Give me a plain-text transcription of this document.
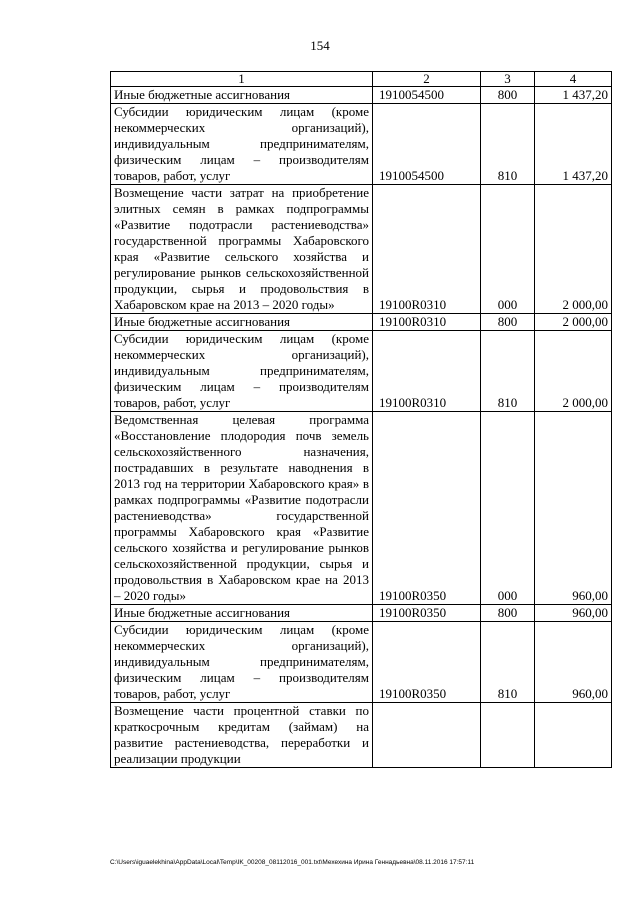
154
1	2	3	4
Иные бюджетные ассигнования	1910054500	800	1 437,20
Субсидии юридическим лицам (кроме некоммерческих организаций), индивидуальным предпринимателям, физическим лицам – производителям товаров, работ, услуг	1910054500	810	1 437,20
Возмещение части затрат на приобретение элитных семян в рамках подпрограммы «Развитие подотрасли растениеводства» государственной программы Хабаровского края «Развитие сельского хозяйства и регулирование рынков сельскохозяйственной продукции, сырья и продовольствия в Хабаровском крае на 2013 – 2020 годы»	19100R0310	000	2 000,00
Иные бюджетные ассигнования	19100R0310	800	2 000,00
Субсидии юридическим лицам (кроме некоммерческих организаций), индивидуальным предпринимателям, физическим лицам – производителям товаров, работ, услуг	19100R0310	810	2 000,00
Ведомственная целевая программа «Восстановление плодородия почв земель сельскохозяйственного назначения, пострадавших в результате наводнения в 2013 год на территории Хабаровского края» в рамках подпрограммы «Развитие подотрасли растениеводства» государственной программы Хабаровского края «Развитие сельского хозяйства и регулирование рынков сельскохозяйственной продукции, сырья и продовольствия в Хабаровском крае на 2013 – 2020 годы»	19100R0350	000	960,00
Иные бюджетные ассигнования	19100R0350	800	960,00
Субсидии юридическим лицам (кроме некоммерческих организаций), индивидуальным предпринимателям, физическим лицам – производителям товаров, работ, услуг	19100R0350	810	960,00
Возмещение части процентной ставки по краткосрочным кредитам (займам) на развитие растениеводства, переработки и реализации продукции			
C:\Users\iguaelekhina\AppData\Local\Temp\IK_00208_08112016_001.txt\Мехехина Ирина Геннадьевна\08.11.2016 17:57:11
